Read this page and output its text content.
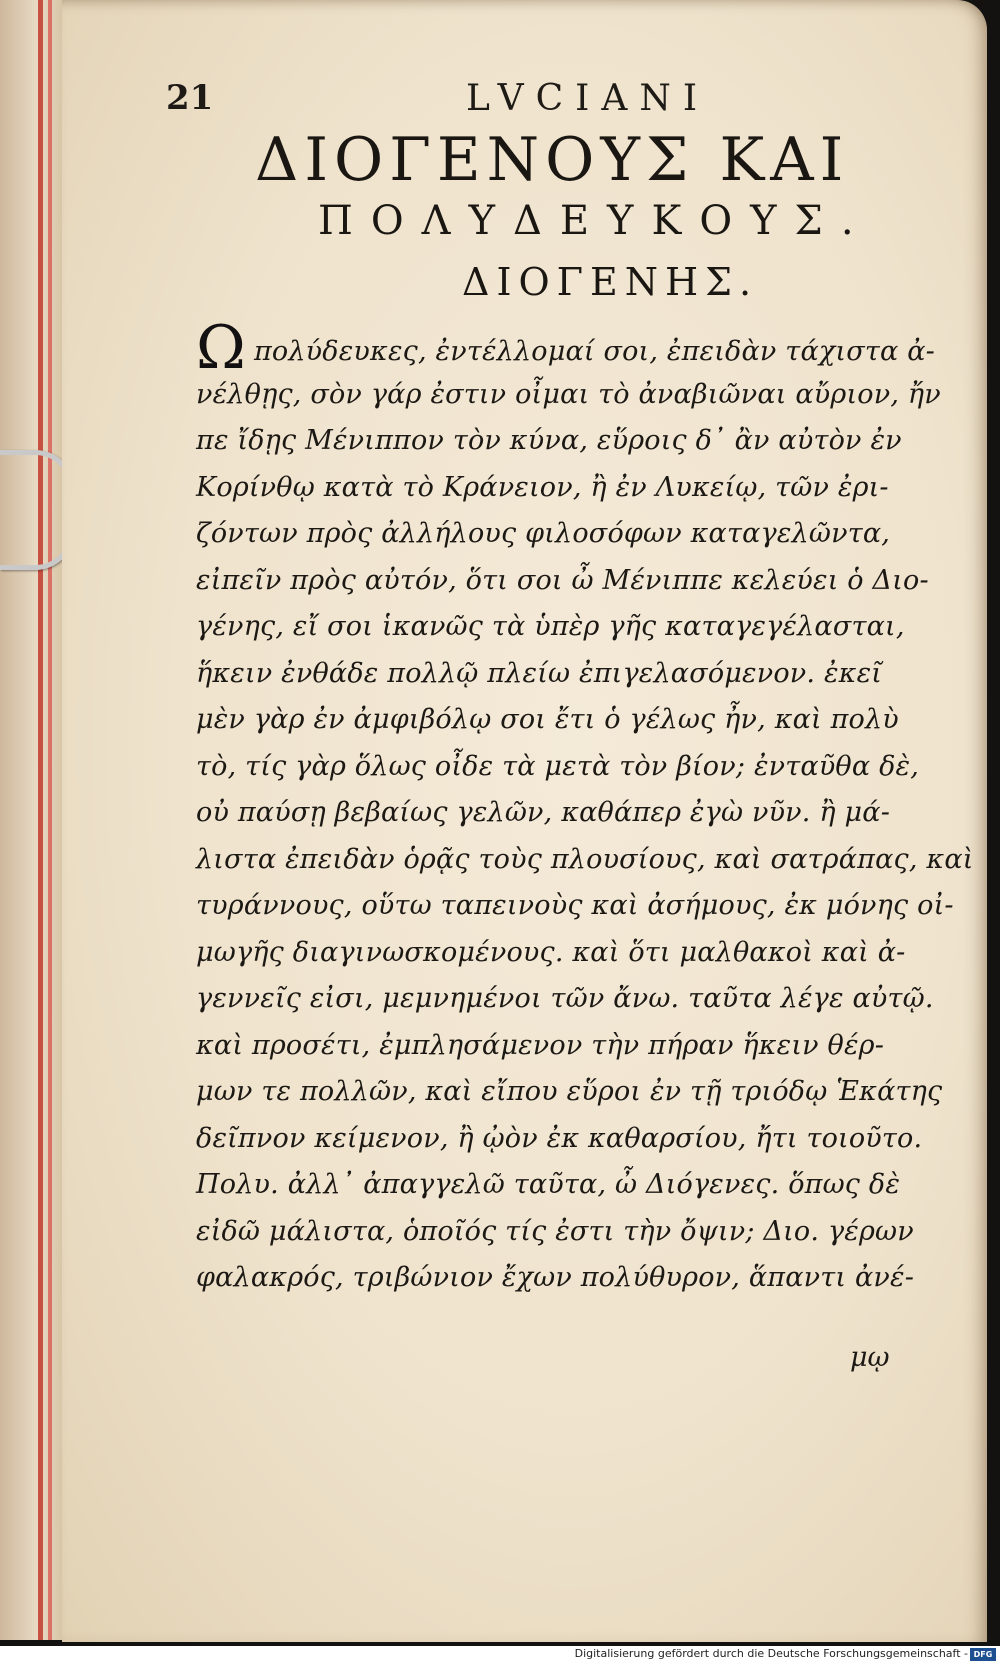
21	LVCIANI
ΔΙΟΓΕΝΟΥΣ ΚΑΙ
ΠΟΛΥΔΕΥΚΟΥΣ.
ΔΙΟΓΕΝΗΣ.
Ωπολύδευκες, ἐντέλλομαί σοι, ἐπειδὰν τάχιστα ἀ-
νέλθῃς, σὸν γάρ ἐστιν οἶμαι τὸ ἀναβιῶναι αὔριον, ἤν
πε ἴδῃς Μένιππον τὸν κύνα, εὕροις δ᾽ ἂν αὐτὸν ἐν
Κορίνθῳ κατὰ τὸ Κράνειον, ἢ ἐν Λυκείῳ, τῶν ἐρι-
ζόντων πρὸς ἀλλήλους φιλοσόφων καταγελῶντα,
εἰπεῖν πρὸς αὐτόν, ὅτι σοι ὦ Μένιππε κελεύει ὁ Διο-
γένης, εἴ σοι ἱκανῶς τὰ ὑπὲρ γῆς καταγεγέλασται,
ἥκειν ἐνθάδε πολλῷ πλείω ἐπιγελασόμενον. ἐκεῖ
μὲν γὰρ ἐν ἀμφιβόλῳ σοι ἔτι ὁ γέλως ἦν, καὶ πολὺ
τὸ, τίς γὰρ ὅλως οἶδε τὰ μετὰ τὸν βίον; ἐνταῦθα δὲ,
οὐ παύσῃ βεβαίως γελῶν, καθάπερ ἐγὼ νῦν. ἢ μά-
λιστα ἐπειδὰν ὁρᾷς τοὺς πλουσίους, καὶ σατράπας, καὶ
τυράννους, οὕτω ταπεινοὺς καὶ ἀσήμους, ἐκ μόνης οἰ-
μωγῆς διαγινωσκομένους. καὶ ὅτι μαλθακοὶ καὶ ἀ-
γεννεῖς εἰσι, μεμνημένοι τῶν ἄνω. ταῦτα λέγε αὐτῷ.
καὶ προσέτι, ἐμπλησάμενον τὴν πήραν ἥκειν θέρ-
μων τε πολλῶν, καὶ εἴπου εὕροι ἐν τῇ τριόδῳ Ἑκάτης
δεῖπνον κείμενον, ἢ ᾠὸν ἐκ καθαρσίου, ἤτι τοιοῦτο.
Πολυ. ἀλλ᾽ ἀπαγγελῶ ταῦτα, ὦ Διόγενες. ὅπως δὲ
εἰδῶ μάλιστα, ὁποῖός τίς ἐστι τὴν ὄψιν; Διο. γέρων
φαλακρός, τριβώνιον ἔχων πολύθυρον, ἅπαντι ἀνέ-
μῳ
Digitalisierung gefördert durch die Deutsche Forschungsgemeinschaft - DFG
